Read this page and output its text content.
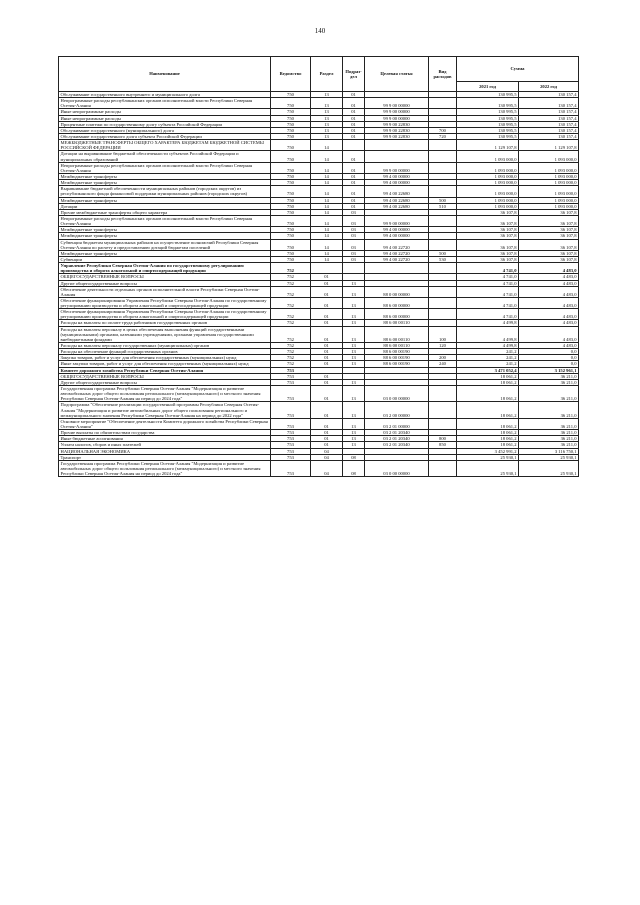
140
Наименование	Ведомство	Раздел	Подраз-дел	Целевая статья	Вид расходов	Сумма	
						2021 год	2022 год
Обслуживание государственного внутреннего и муниципального долга	750	13	01			130 995,5	130 157,4
Непрограммные расходы республиканских органов исполнительной власти Республики Северная Осетия-Алания	750	13	01	99 9 00 00000		130 995,5	130 157,4
Иные непрограммные расходы	750	13	01	99 9 00 00000		130 995,5	130 157,4
Иные непрограммные расходы	750	13	01	99 9 00 00000		130 995,5	130 157,4
Процентные платежи по государственному долгу субъекта Российской Федерации	750	13	01	99 9 00 22830		130 995,5	130 157,4
Обслуживание государственного (муниципального) долга	750	13	01	99 9 00 22830	700	130 995,5	130 157,4
Обслуживание государственного долга субъекта Российской Федерации	750	13	01	99 9 00 22830	720	130 995,5	130 157,4
МЕЖБЮДЖЕТНЫЕ ТРАНСФЕРТЫ ОБЩЕГО ХАРАКТЕРА БЮДЖЕТАМ БЮДЖЕТНОЙ СИСТЕМЫ РОССИЙСКОЙ ФЕДЕРАЦИИ	750	14				1 129 107,8	1 129 107,8
Дотации на выравнивание бюджетной обеспеченности субъектов Российской Федерации и муниципальных образований	750	14	01			1 093 000,0	1 093 000,0
Непрограммные расходы республиканских органов исполнительной власти Республики Северная Осетия-Алания	750	14	01	99 9 00 00000		1 093 000,0	1 093 000,0
Межбюджетные трансферты	750	14	01	99 4 00 00000		1 093 000,0	1 093 000,0
Межбюджетные трансферты	750	14	01	99 4 00 00000		1 093 000,0	1 093 000,0
Выравнивание бюджетной обеспеченности муниципальных районов (городских округов) из республиканского фонда финансовой поддержки муниципальных районов (городских округов)	750	14	01	99 4 00 22680		1 093 000,0	1 093 000,0
Межбюджетные трансферты	750	14	01	99 4 00 22680	500	1 093 000,0	1 093 000,0
Дотации	750	14	01	99 4 00 22680	510	1 093 000,0	1 093 000,0
Прочие межбюджетные трансферты общего характера	750	14	03			36 107,8	36 107,8
Непрограммные расходы республиканских органов исполнительной власти Республики Северная Осетия-Алания	750	14	03	99 9 00 00000		36 107,8	36 107,8
Межбюджетные трансферты	750	14	03	99 4 00 00000		36 107,8	36 107,8
Межбюджетные трансферты	750	14	03	99 4 00 00000		36 107,8	36 107,8
Субвенция бюджетам муниципальных районов на осуществление полномочий Республики Северная Осетия-Алания по расчету и предоставлению дотаций бюджетам поселений	750	14	03	99 4 00 22720		36 107,8	36 107,8
Межбюджетные трансферты	750	14	03	99 4 00 22720	500	36 107,8	36 107,8
Субвенции	750	14	03	99 4 00 22720	530	36 107,8	36 107,8
Управление Республики Северная Осетия-Алания по государственному регулированию производства и оборота алкогольной и спиртосодержащей продукции	752					4 741,0	4 483,0
ОБЩЕГОСУДАРСТВЕННЫЕ ВОПРОСЫ	752	01				4 741,0	4 483,0
Другие общегосударственные вопросы	752	01	13			4 741,0	4 483,0
Обеспечение деятельности отдельных органов исполнительной власти Республики Северная Осетия-Алания	752	01	13	88 0 00 00000		4 741,0	4 483,0
Обеспечение функционирования Управления Республики Северная Осетия-Алания по государственному регулированию производства и оборота алкогольной и спиртосодержащей продукции	752	01	13	88 6 00 00000		4 741,0	4 483,0
Обеспечение функционирования Управления Республики Северная Осетия-Алания по государственному регулированию производства и оборота алкогольной и спиртосодержащей продукции	752	01	13	88 6 00 00000		4 741,0	4 483,0
Расходы на выплаты по оплате труда работников государственных органов	752	01	13	88 6 00 00110		4 499,8	4 483,0
Расходы на выплаты персоналу в целях обеспечения выполнения функций государственными (муниципальными) органами, казенными учреждениями, органами управления государственными внебюджетными фондами	752	01	13	88 6 00 00110	100	4 499,8	4 483,0
Расходы на выплаты персоналу государственных (муниципальных) органов	752	01	13	88 6 00 00110	120	4 499,8	4 483,0
Расходы на обеспечение функций государственных органов	752	01	13	88 6 00 00190		241,2	0,0
Закупка товаров, работ и услуг для обеспечения государственных (муниципальных) нужд	752	01	13	88 6 00 00190	200	241,2	0,0
Иные закупки товаров, работ и услуг для обеспечения государственных (муниципальных) нужд	752	01	13	88 6 00 00190	240	241,2	0,0
Комитет дорожного хозяйства Республики Северная Осетия-Алания	753					3 471 052,4	3 152 961,1
ОБЩЕГОСУДАРСТВЕННЫЕ ВОПРОСЫ	753	01				18 061,2	36 211,0
Другие общегосударственные вопросы	753	01	13			18 061,2	36 211,0
Государственная программа Республики Северная Осетия-Алания "Модернизация и развитие автомобильных дорог общего пользования регионального (межмуниципального) и местного значения Республики Северная Осетия-Алания на период до 2024 года"	753	01	13	03 0 00 00000		18 061,2	36 211,0
Подпрограмма "Обеспечение реализации государственной программы Республики Северная Осетия-Алания "Модернизация и развитие автомобильных дорог общего пользования регионального и межмуниципального значения Республики Северная Осетия-Алания на период до 2022 года"	753	01	13	03 2 00 00000		18 061,2	36 211,0
Основное мероприятие "Обеспечение деятельности Комитета дорожного хозяйства Республики Северная Осетия-Алания"	753	01	13	03 2 01 00000		18 061,2	36 211,0
Прочие выплаты по обязательствам государства	753	01	13	03 2 01 20340		18 061,2	36 211,0
Иные бюджетные ассигнования	753	01	13	03 2 01 20340	800	18 061,2	36 211,0
Уплата налогов, сборов и иных платежей	753	01	13	03 2 01 20340	850	18 061,2	36 211,0
НАЦИОНАЛЬНАЯ ЭКОНОМИКА	753	04				3 452 991,2	3 116 750,1
Транспорт	753	04	08			25 930,1	25 930,1
Государственная программа Республики Северная Осетия-Алания "Модернизация и развитие автомобильных дорог общего пользования регионального (межмуниципального) и местного значения Республики Северная Осетия-Алания на период до 2024 года"	753	04	08	03 0 00 00000		25 930,1	25 930,1
